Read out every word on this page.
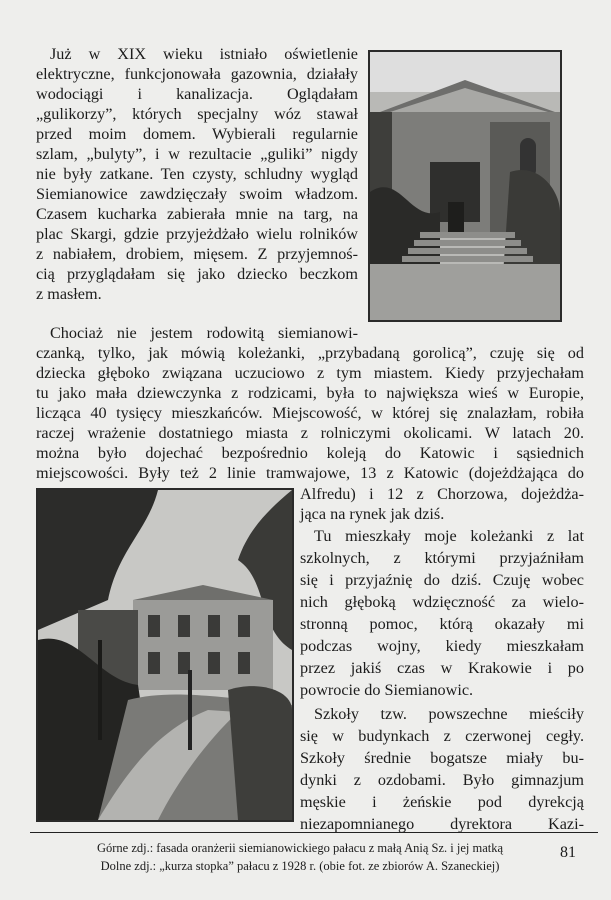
Już w XIX wieku istniało oświetlenie
elektryczne, funkcjonowała gazownia, działały
wodociągi i kanalizacja. Oglądałam
„gulikorzy”, których specjalny wóz stawał
przed moim domem. Wybierali regularnie
szlam, „bulyty”, i w rezultacie „guliki” nigdy
nie były zatkane. Ten czysty, schludny wygląd
Siemianowice zawdzięczały swoim władzom.
Czasem kucharka zabierała mnie na targ, na
plac Skargi, gdzie przyjeżdżało wielu rolników
z nabiałem, drobiem, mięsem. Z przyjemnoś-
cią przyglądałam się jako dziecko beczkom
z masłem.
Chociaż nie jestem rodowitą siemianowi-
czanką, tylko, jak mówią koleżanki, „przybadaną gorolicą”, czuję się od
dziecka głęboko związana uczuciowo z tym miastem. Kiedy przyjechałam
tu jako mała dziewczynka z rodzicami, była to największa wieś w Europie,
licząca 40 tysięcy mieszkańców. Miejscowość, w której się znalazłam, robiła
raczej wrażenie dostatniego miasta z rolniczymi okolicami. W latach 20.
można było dojechać bezpośrednio koleją do Katowic i sąsiednich
miejscowości. Były też 2 linie tramwajowe, 13 z Katowic (dojeżdżająca do
Alfredu) i 12 z Chorzowa, dojeżdża-
jąca na rynek jak dziś.
Tu mieszkały moje koleżanki z lat
szkolnych, z którymi przyjaźniłam
się i przyjaźnię do dziś. Czuję wobec
nich głęboką wdzięczność za wielo-
stronną pomoc, którą okazały mi
podczas wojny, kiedy mieszkałam
przez jakiś czas w Krakowie i po
powrocie do Siemianowic.
Szkoły tzw. powszechne mieściły
się w budynkach z czerwonej cegły.
Szkoły średnie bogatsze miały bu-
dynki z ozdobami. Było gimnazjum
męskie i żeńskie pod dyrekcją
niezapomnianego dyrektora Kazi-
Górne zdj.: fasada oranżerii siemianowickiego pałacu z małą Anią Sz. i jej matką
Dolne zdj.: „kurza stopka” pałacu z 1928 r. (obie fot. ze zbiorów A. Szaneckiej)
81
